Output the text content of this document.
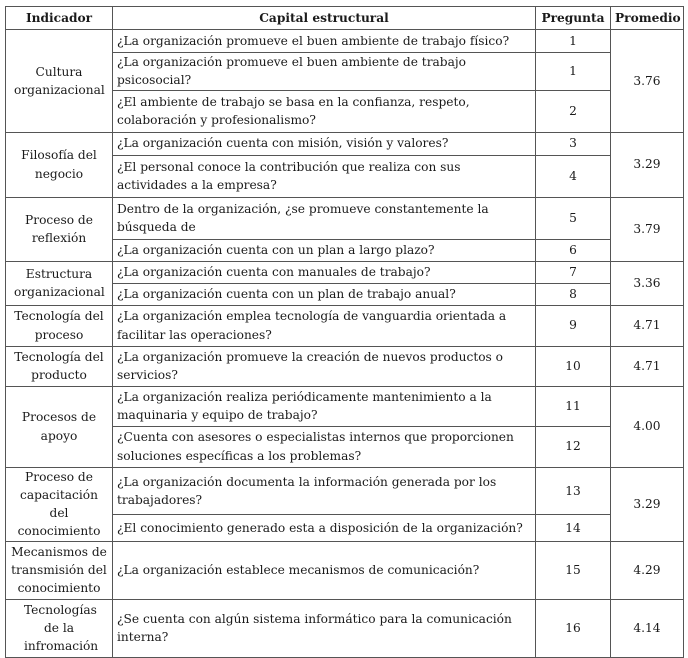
Indicador	Capital estructural	Pregunta	Promedio
Cultura organizacional	¿La organización promueve el buen ambiente de trabajo físico?	1	3.76
	¿La organización promueve el buen ambiente de trabajo psicosocial?	1	
	¿El ambiente de trabajo se basa en la confianza, respeto, colaboración y profesionalismo?	2	
Filosofía del negocio	¿La organización cuenta con misión, visión y valores?	3	3.29
	¿El personal conoce la contribución que realiza con sus actividades a la empresa?	4	
Proceso de reflexión	Dentro de la organización, ¿se promueve constantemente la búsqueda de	5	3.79
	¿La organización cuenta con un plan a largo plazo?	6	
Estructura organizacional	¿La organización cuenta con manuales de trabajo?	7	3.36
	¿La organización cuenta con un plan de trabajo anual?	8	
Tecnología del proceso	¿La organización emplea tecnología de vanguardia orientada a facilitar las operaciones?	9	4.71
Tecnología del producto	¿La organización promueve la creación de nuevos productos o servicios?	10	4.71
Procesos de apoyo	¿La organización realiza periódicamente mantenimiento a la maquinaria y equipo de trabajo?	11	4.00
	¿Cuenta con asesores o especialistas internos que proporcionen soluciones específicas a los problemas?	12	
Proceso de capacitación del conocimiento	¿La organización documenta la información generada por los trabajadores?	13	3.29
	¿El conocimiento generado esta a disposición de la organización?	14	
Mecanismos de transmisión del conocimiento	¿La organización establece mecanismos de comunicación?	15	4.29
Tecnologías de la infromación	¿Se cuenta con algún sistema informático para la comunicación interna?	16	4.14
